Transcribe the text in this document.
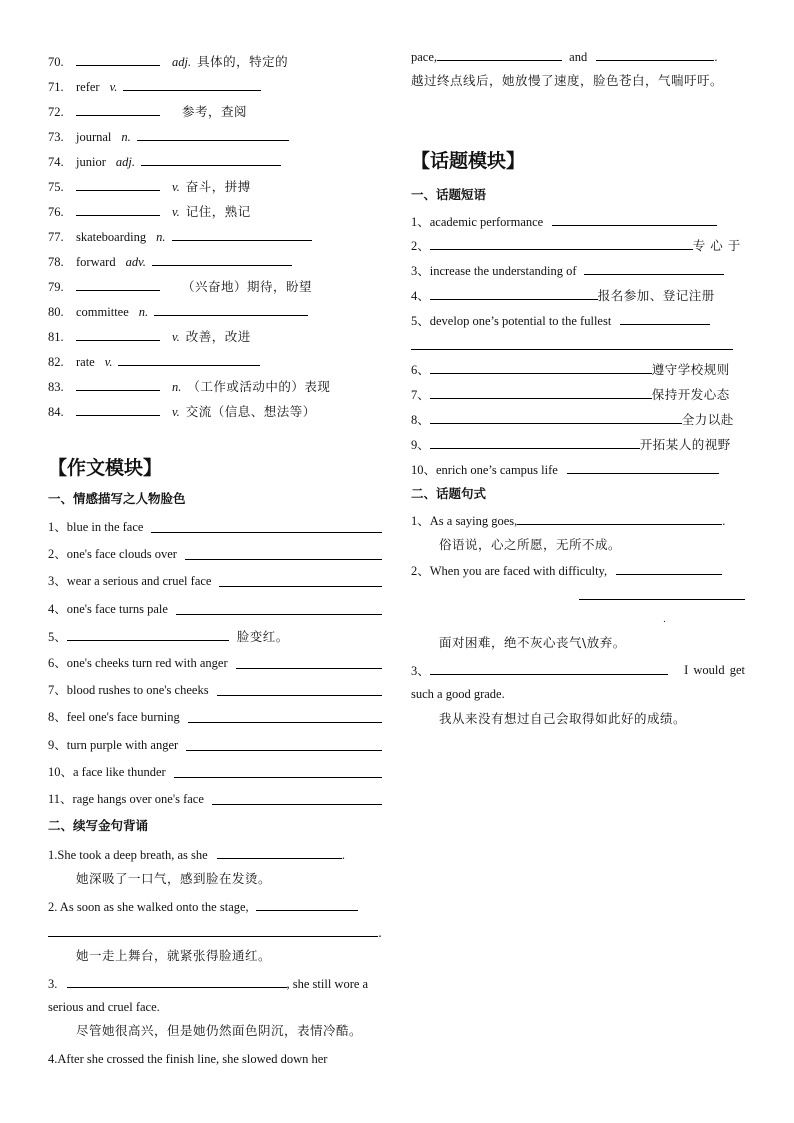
70.	adj. 具体的，特定的
71. refer v.
72.	参考，查阅
73. journal n.
74. junior adj.
75.	v. 奋斗，拼搏
76.	v. 记住，熟记
77. skateboarding n.
78. forward adv.
79.	（兴奋地）期待，盼望
80. committee n.
81.	v. 改善，改进
82. rate v.
83.	n. （工作或活动中的）表现
84.	v. 交流（信息、想法等）
【作文模块】
一、情感描写之人物脸色
1、blue in the face
2、one's face clouds over
3、wear a serious and cruel face
4、one's face turns pale
5、	脸变红。
6、one's cheeks turn red with anger
7、blood rushes to one's cheeks
8、feel one's face burning
9、turn purple with anger
10、a face like thunder
11、rage hangs over one's face
二、续写金句背诵
1.She took a deep breath, as she	.
她深吸了一口气，感到脸在发烫。
2. As soon as she walked onto the stage,
.
她一走上舞台，就紧张得脸通红。
3.	, she still wore a
serious and cruel face.
尽管她很高兴，但是她仍然面色阴沉，表情冷酷。
4.After she crossed the finish line, she slowed down her
pace,	and	.
越过终点线后，她放慢了速度，脸色苍白，气喘吁吁。
【话题模块】
一、话题短语
1、academic performance
2、	专 心 于
3、increase the understanding of
4、	报名参加、登记注册
5、develop one’s potential to the fullest
6、	遵守学校规则
7、	保持开发心态
8、	全力以赴
9、	开拓某人的视野
10、enrich one’s campus life
二、话题句式
1、As a saying goes,	.
俗语说，心之所愿，无所不成。
2、When you are faced with difficulty,
.
面对困难，绝不灰心丧气\放弃。
3、	I would get
such a good grade.
我从来没有想过自己会取得如此好的成绩。
